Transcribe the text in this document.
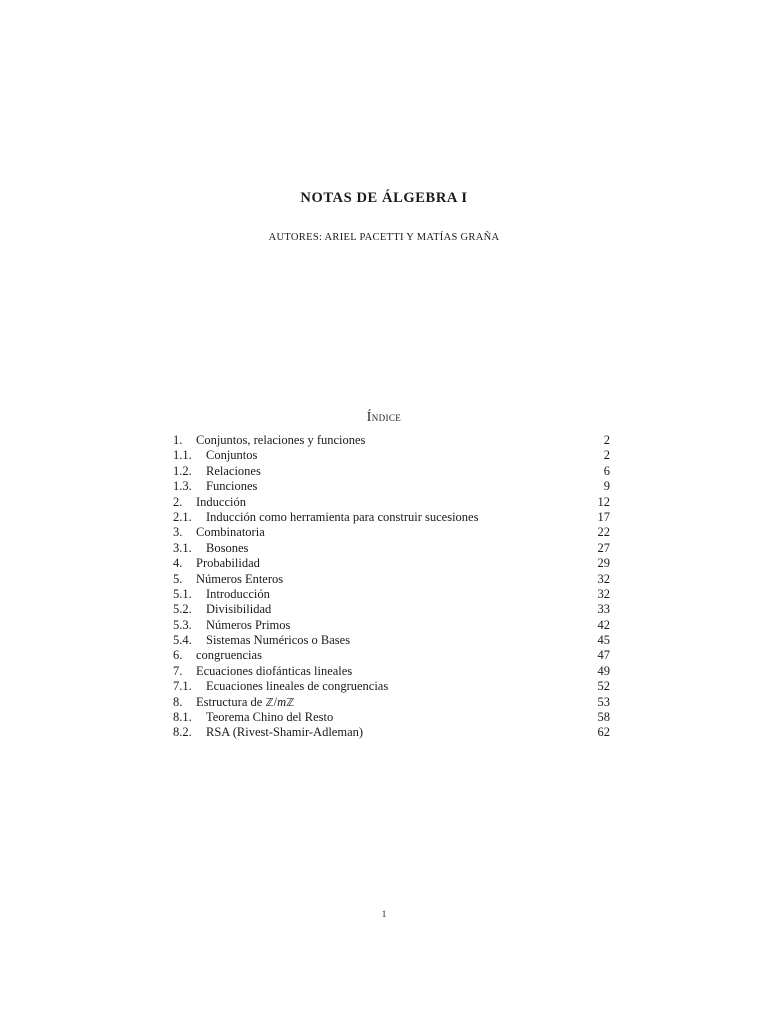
NOTAS DE ÁLGEBRA I
AUTORES: ARIEL PACETTI Y MATÍAS GRAÑA
Índice
1. Conjuntos, relaciones y funciones	2
1.1. Conjuntos	2
1.2. Relaciones	6
1.3. Funciones	9
2. Inducción	12
2.1. Inducción como herramienta para construir sucesiones	17
3. Combinatoria	22
3.1. Bosones	27
4. Probabilidad	29
5. Números Enteros	32
5.1. Introducción	32
5.2. Divisibilidad	33
5.3. Números Primos	42
5.4. Sistemas Numéricos o Bases	45
6. congruencias	47
7. Ecuaciones diofánticas lineales	49
7.1. Ecuaciones lineales de congruencias	52
8. Estructura de ℤ/mℤ	53
8.1. Teorema Chino del Resto	58
8.2. RSA (Rivest-Shamir-Adleman)	62
1
